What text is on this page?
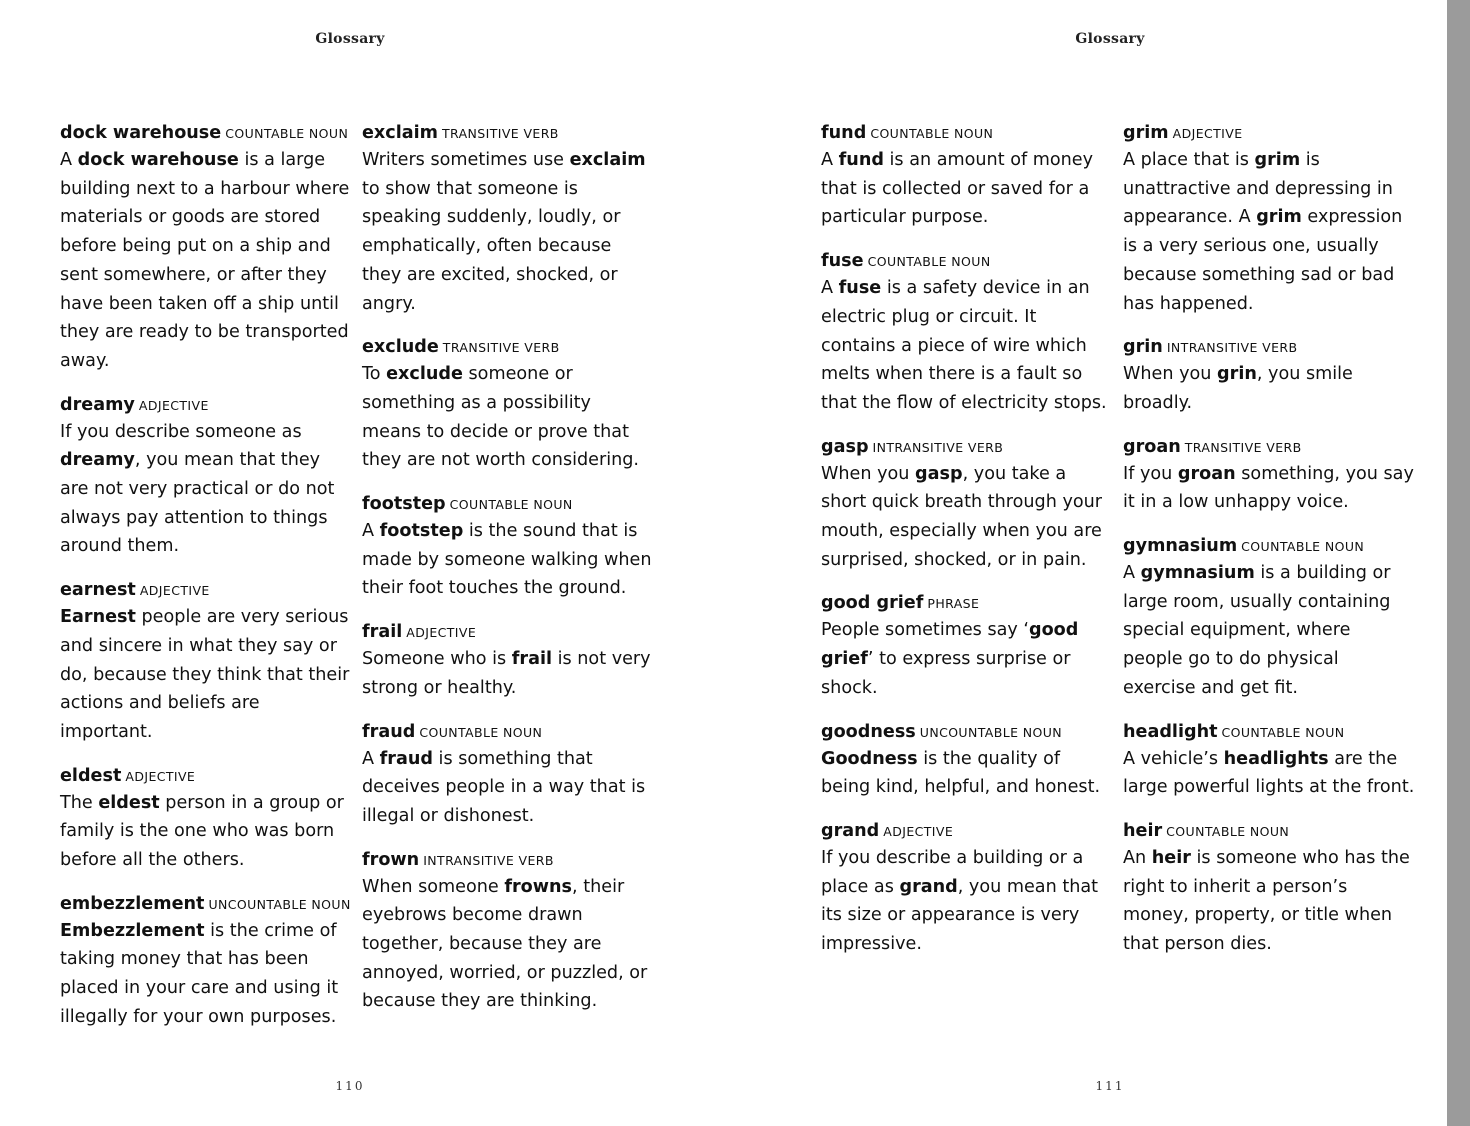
Glossary
dock warehouse COUNTABLE NOUN
A dock warehouse is a large building next to a harbour where materials or goods are stored before being put on a ship and sent somewhere, or after they have been taken off a ship until they are ready to be transported away.
dreamy ADJECTIVE
If you describe someone as dreamy, you mean that they are not very practical or do not always pay attention to things around them.
earnest ADJECTIVE
Earnest people are very serious and sincere in what they say or do, because they think that their actions and beliefs are important.
eldest ADJECTIVE
The eldest person in a group or family is the one who was born before all the others.
embezzlement UNCOUNTABLE NOUN
Embezzlement is the crime of taking money that has been placed in your care and using it illegally for your own purposes.
exclaim TRANSITIVE VERB
Writers sometimes use exclaim to show that someone is speaking suddenly, loudly, or emphatically, often because they are excited, shocked, or angry.
exclude TRANSITIVE VERB
To exclude someone or something as a possibility means to decide or prove that they are not worth considering.
footstep COUNTABLE NOUN
A footstep is the sound that is made by someone walking when their foot touches the ground.
frail ADJECTIVE
Someone who is frail is not very strong or healthy.
fraud COUNTABLE NOUN
A fraud is something that deceives people in a way that is illegal or dishonest.
frown INTRANSITIVE VERB
When someone frowns, their eyebrows become drawn together, because they are annoyed, worried, or puzzled, or because they are thinking.
110
Glossary
fund COUNTABLE NOUN
A fund is an amount of money that is collected or saved for a particular purpose.
fuse COUNTABLE NOUN
A fuse is a safety device in an electric plug or circuit. It contains a piece of wire which melts when there is a fault so that the flow of electricity stops.
gasp INTRANSITIVE VERB
When you gasp, you take a short quick breath through your mouth, especially when you are surprised, shocked, or in pain.
good grief PHRASE
People sometimes say ‘good grief’ to express surprise or shock.
goodness UNCOUNTABLE NOUN
Goodness is the quality of being kind, helpful, and honest.
grand ADJECTIVE
If you describe a building or a place as grand, you mean that its size or appearance is very impressive.
grim ADJECTIVE
A place that is grim is unattractive and depressing in appearance. A grim expression is a very serious one, usually because something sad or bad has happened.
grin INTRANSITIVE VERB
When you grin, you smile broadly.
groan TRANSITIVE VERB
If you groan something, you say it in a low unhappy voice.
gymnasium COUNTABLE NOUN
A gymnasium is a building or large room, usually containing special equipment, where people go to do physical exercise and get fit.
headlight COUNTABLE NOUN
A vehicle’s headlights are the large powerful lights at the front.
heir COUNTABLE NOUN
An heir is someone who has the right to inherit a person’s money, property, or title when that person dies.
111
